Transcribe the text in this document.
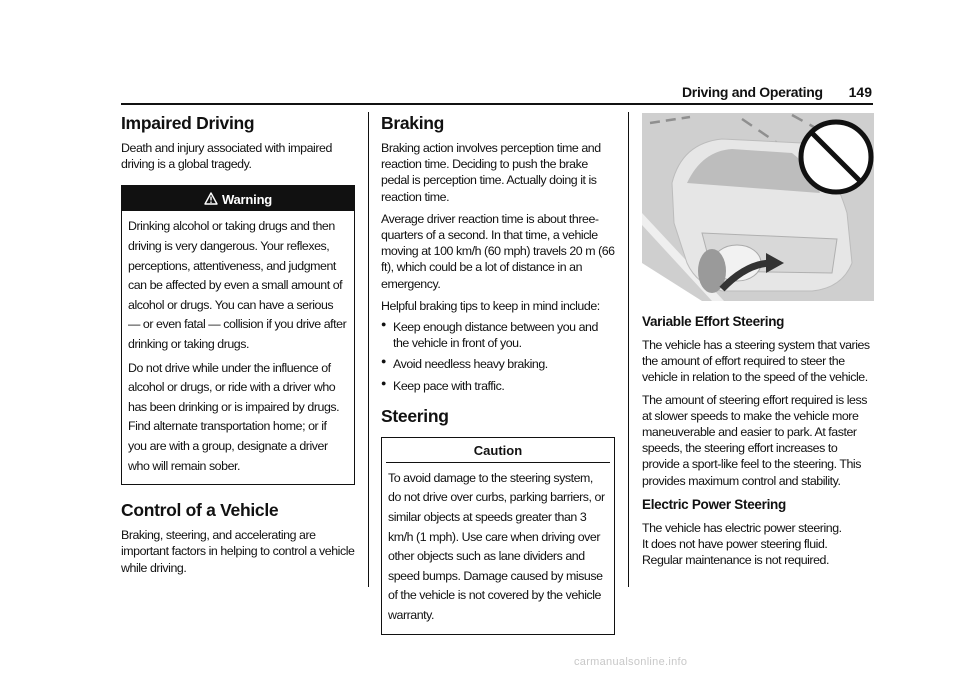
Driving and Operating 149
Impaired Driving

Death and injury associated with impaired driving is a global tragedy.

Warning

Drinking alcohol or taking drugs and then driving is very dangerous. Your reflexes, perceptions, attentiveness, and judgment can be affected by even a small amount of alcohol or drugs. You can have a serious — or even fatal — collision if you drive after drinking or taking drugs.

Do not drive while under the influence of alcohol or drugs, or ride with a driver who has been drinking or is impaired by drugs. Find alternate transportation home; or if you are with a group, designate a driver who will remain sober.

Control of a Vehicle

Braking, steering, and accelerating are important factors in helping to control a vehicle while driving.

Braking

Braking action involves perception time and reaction time. Deciding to push the brake pedal is perception time. Actually doing it is reaction time.

Average driver reaction time is about three-quarters of a second. In that time, a vehicle moving at 100 km/h (60 mph) travels 20 m (66 ft), which could be a lot of distance in an emergency.

Helpful braking tips to keep in mind include:

● Keep enough distance between you and the vehicle in front of you.

● Avoid needless heavy braking.

● Keep pace with traffic.

Steering
Caution

To avoid damage to the steering system, do not drive over curbs, parking barriers, or similar objects at speeds greater than 3 km/h (1 mph). Use care when driving over other objects such as lane dividers and speed bumps. Damage caused by misuse of the vehicle is not covered by the vehicle warranty.

Variable Effort Steering

The vehicle has a steering system that varies the amount of effort required to steer the vehicle in relation to the speed of the vehicle.

The amount of steering effort required is less at slower speeds to make the vehicle more maneuverable and easier to park. At faster speeds, the steering effort increases to provide a sport-like feel to the steering. This provides maximum control and stability.

Electric Power Steering

The vehicle has electric power steering.

It does not have power steering fluid.

Regular maintenance is not required.

carmanualsonline.info
